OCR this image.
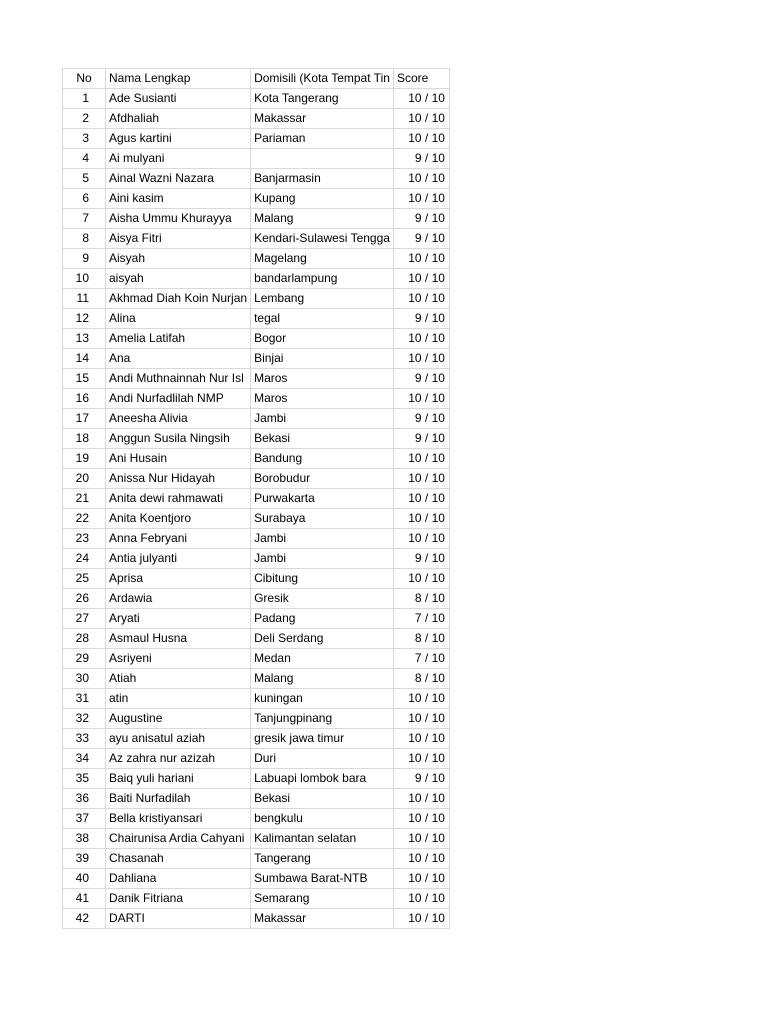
No	Nama Lengkap	Domisili (Kota Tempat Tin	Score
1	Ade Susianti	Kota Tangerang	10 / 10
2	Afdhaliah	Makassar	10 / 10
3	Agus kartini	Pariaman	10 / 10
4	Ai mulyani		9 / 10
5	Ainal Wazni Nazara	Banjarmasin	10 / 10
6	Aini kasim	Kupang	10 / 10
7	Aisha Ummu Khurayya	Malang	9 / 10
8	Aisya Fitri	Kendari-Sulawesi Tengga	9 / 10
9	Aisyah	Magelang	10 / 10
10	aisyah	bandarlampung	10 / 10
11	Akhmad Diah Koin Nurjan	Lembang	10 / 10
12	Alina	tegal	9 / 10
13	Amelia Latifah	Bogor	10 / 10
14	Ana	Binjai	10 / 10
15	Andi Muthnainnah Nur Isl	Maros	9 / 10
16	Andi Nurfadlilah NMP	Maros	10 / 10
17	Aneesha Alivia	Jambi	9 / 10
18	Anggun Susila Ningsih	Bekasi	9 / 10
19	Ani Husain	Bandung	10 / 10
20	Anissa Nur Hidayah	Borobudur	10 / 10
21	Anita dewi rahmawati	Purwakarta	10 / 10
22	Anita Koentjoro	Surabaya	10 / 10
23	Anna Febryani	Jambi	10 / 10
24	Antia julyanti	Jambi	9 / 10
25	Aprisa	Cibitung	10 / 10
26	Ardawia	Gresik	8 / 10
27	Aryati	Padang	7 / 10
28	Asmaul Husna	Deli Serdang	8 / 10
29	Asriyeni	Medan	7 / 10
30	Atiah	Malang	8 / 10
31	atin	kuningan	10 / 10
32	Augustine	Tanjungpinang	10 / 10
33	ayu anisatul aziah	gresik jawa timur	10 / 10
34	Az zahra nur azizah	Duri	10 / 10
35	Baiq yuli hariani	Labuapi lombok bara	9 / 10
36	Baiti Nurfadilah	Bekasi	10 / 10
37	Bella kristiyansari	bengkulu	10 / 10
38	Chairunisa Ardia Cahyani	Kalimantan selatan	10 / 10
39	Chasanah	Tangerang	10 / 10
40	Dahliana	Sumbawa Barat-NTB	10 / 10
41	Danik Fitriana	Semarang	10 / 10
42	DARTI	Makassar	10 / 10
